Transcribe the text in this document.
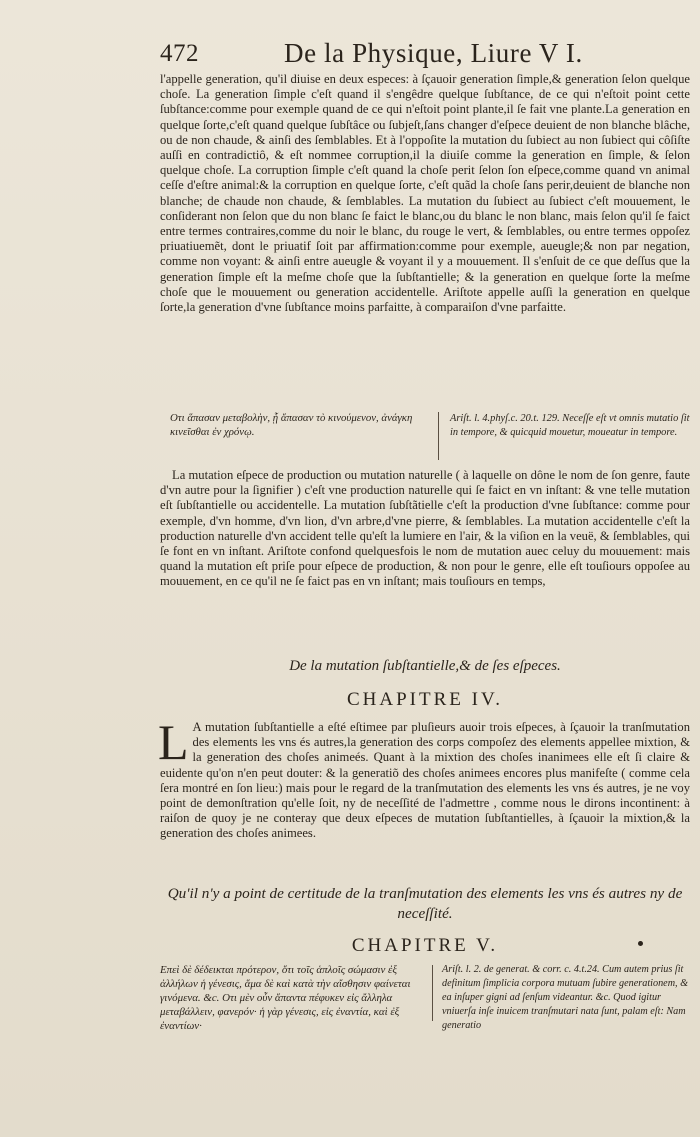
472	De la Physique, Liure V I.

l'appelle generation, qu'il diuise en deux especes: à ſçauoir generation ſimple,& generation ſelon quelque choſe. La generation ſimple c'eſt quand il s'engêdre quelque ſubſtance, de ce qui n'eſtoit point cette ſubſtance:comme pour exemple quand de ce qui n'eſtoit point plante,il ſe fait vne plante.La generation en quelque ſorte,c'eſt quand quelque ſubſtâce ou ſubjeſt,ſans changer d'eſpece deuient de non blanche blâche, ou de non chaude, & ainſi des ſemblables. Et à l'oppoſite la mutation du ſubiect au non ſubiect qui côſiſte auſſi en contradictiô, & eſt nommee corruption,il la diuiſe comme la generation en ſimple, & ſelon quelque choſe. La corruption ſimple c'eſt quand la choſe perit ſelon ſon eſpece,comme quand vn animal ceſſe d'eſtre animal:& la corruption en quelque ſorte, c'eſt quãd la choſe ſans perir,deuient de blanche non blanche; de chaude non chaude, & ſemblables. La mutation du ſubiect au ſubiect c'eſt mouuement, le conſiderant non ſelon que du non blanc ſe faict le blanc,ou du blanc le non blanc, mais ſelon qu'il ſe faict entre termes contraires,comme du noir le blanc, du rouge le vert, & ſemblables, ou entre termes oppoſez priuatiuemẽt, dont le priuatif ſoit par affirmation:comme pour exemple, aueugle;& non par negation, comme non voyant: & ainſi entre aueugle & voyant il y a mouuement. Il s'enſuit de ce que deſſus que la generation ſimple eſt la meſme choſe que la ſubſtantielle; & la generation en quelque ſorte la meſme choſe que le mouuement ou generation accidentelle. Ariſtote appelle auſſi la generation en quelque ſorte,la generation d'vne ſubſtance moins parfaitte, à comparaiſon d'vne parfaitte.

Οτι ἅπασαν μεταβολὴν, ᾗ ἅπασαν τὸ κινούμενον, ἀνάγκη κινεῖσθαι ἐν χρόνῳ.
Ariſt. l. 4.phyſ.c. 20.t. 129. Neceſſe eſt vt omnis mutatio ſit in tempore, & quicquid mouetur, moueatur in tempore.

La mutation eſpece de production ou mutation naturelle ( à laquelle on dône le nom de ſon genre, faute d'vn autre pour la ſignifier ) c'eſt vne production naturelle qui ſe faict en vn inſtant: & vne telle mutation eſt ſubſtantielle ou accidentelle. La mutation ſubſtãtielle c'eſt la production d'vne ſubſtance: comme pour exemple, d'vn homme, d'vn lion, d'vn arbre,d'vne pierre, & ſemblables. La mutation accidentelle c'eſt la production naturelle d'vn accident telle qu'eſt la lumiere en l'air, & la viſion en la veuë, & ſemblables, qui ſe font en vn inſtant. Ariſtote confond quelquesfois le nom de mutation auec celuy du mouuement: mais quand la mutation eſt priſe pour eſpece de production, & non pour le genre, elle eſt touſiours oppoſee au mouuement, en ce qu'il ne ſe faict pas en vn inſtant; mais touſiours en temps,

De la mutation ſubſtantielle,& de ſes eſpeces.
CHAPITRE IV.
L A mutation ſubſtantielle a eſté eſtimee par pluſieurs auoir trois eſpeces, à ſçauoir la tranſmutation des elements les vns és autres,la generation des corps compoſez des elements appellee mixtion, & la generation des choſes animeés. Quant à la mixtion des choſes inanimees elle eſt ſi claire & euidente qu'on n'en peut douter: & la generatiõ des choſes animees encores plus manifeſte ( comme cela ſera montré en ſon lieu:) mais pour le regard de la tranſmutation des elements les vns és autres, je ne voy point de demonſtration qu'elle ſoit, ny de neceſſité de l'admettre , comme nous le dirons incontinent: à raiſon de quoy je ne conteray que deux eſpeces de mutation ſubſtantielles, à ſçauoir la mixtion,& la generation des choſes animees.

Qu'il n'y a point de certitude de la tranſmutation des elements les vns és autres ny de neceſſité.
CHAPITRE V.
Επεὶ δὲ δέδεικται πρότερον, ὅτι τοῖς ἁπλοῖς σώμασιν ἐξ ἀλλήλων ἡ γένεσις, ἅμα δὲ καὶ κατὰ τὴν αἴσθησιν φαίνεται γινόμενα. &c. Οτι μὲν οὖν ἅπαντα πέφυκεν εἰς ἄλληλα μεταβάλλειν, φανερόν· ἡ γὰρ γένεσις, εἰς ἐναντία, καὶ ἐξ ἐναντίων·
Ariſt. l. 2. de generat. & corr. c. 4.t.24. Cum autem prius ſit definitum ſimplicia corpora mutuam ſubire generationem, & ea inſuper gigni ad ſenſum videantur. &c. Quod igitur vniuerſa inſe inuicem tranſmutari nata ſunt, palam eſt: Nam generatio
